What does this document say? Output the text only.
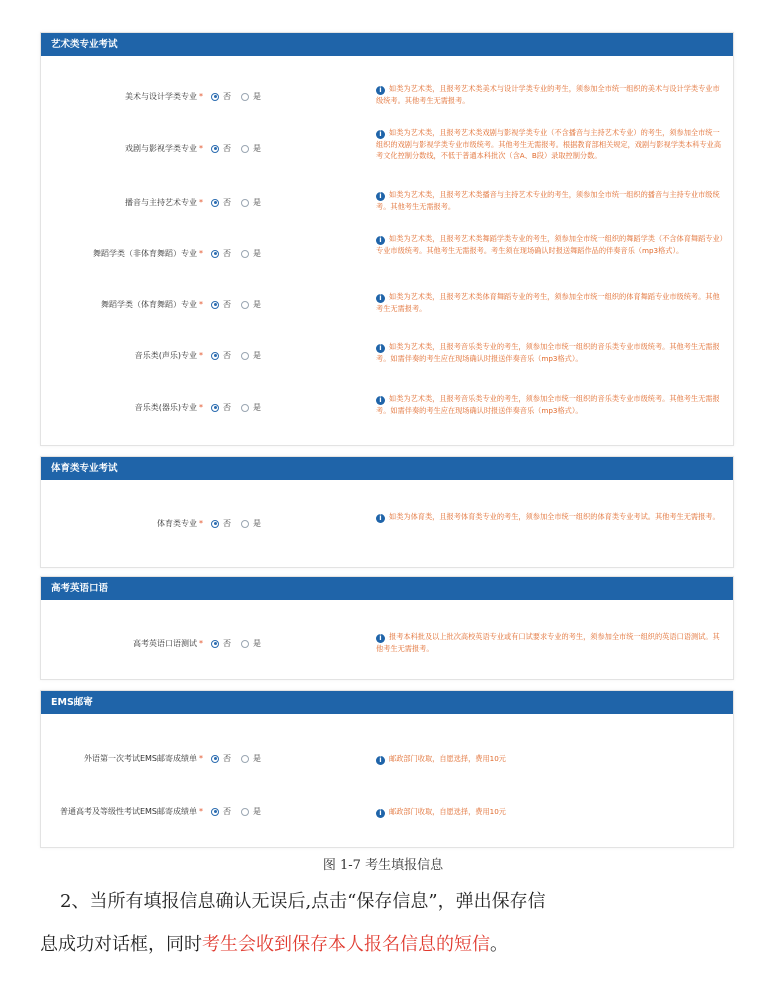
艺术类专业考试
美术与设计学类专业 *	否	是
i 如类为艺术类，且报考艺术类美术与设计学类专业的考生，须参加全市统一组织的美术与设计学类专业市级统考。其他考生无需报考。
戏剧与影视学类专业 *	否	是
i 如类为艺术类，且报考艺术类戏剧与影视学类专业（不含播音与主持艺术专业）的考生，须参加全市统一组织的戏剧与影视学类专业市级统考。其他考生无需报考。根据教育部相关规定，戏剧与影视学类本科专业高考文化控制分数线，不低于普通本科批次（含A、B段）录取控制分数。
播音与主持艺术专业 *	否	是
i 如类为艺术类，且报考艺术类播音与主持艺术专业的考生，须参加全市统一组织的播音与主持专业市级统考。其他考生无需报考。
舞蹈学类（非体育舞蹈）专业 *	否	是
i 如类为艺术类，且报考艺术类舞蹈学类专业的考生，须参加全市统一组织的舞蹈学类（不含体育舞蹈专业）专业市级统考。其他考生无需报考。考生须在现场确认时报送舞蹈作品的伴奏音乐（mp3格式）。
舞蹈学类（体育舞蹈）专业 *	否	是
i 如类为艺术类，且报考艺术类体育舞蹈专业的考生，须参加全市统一组织的体育舞蹈专业市级统考。其他考生无需报考。
音乐类(声乐)专业 *	否	是
i 如类为艺术类，且报考音乐类专业的考生，须参加全市统一组织的音乐类专业市级统考。其他考生无需报考。如需伴奏的考生应在现场确认时报送伴奏音乐（mp3格式）。
音乐类(器乐)专业 *	否	是
i 如类为艺术类，且报考音乐类专业的考生，须参加全市统一组织的音乐类专业市级统考。其他考生无需报考。如需伴奏的考生应在现场确认时报送伴奏音乐（mp3格式）。
体育类专业考试
体育类专业 *	否	是
i 如类为体育类，且报考体育类专业的考生，须参加全市统一组织的体育类专业考试。其他考生无需报考。
高考英语口语
高考英语口语测试 *	否	是
i 报考本科批及以上批次高校英语专业或有口试要求专业的考生，须参加全市统一组织的英语口语测试。其他考生无需报考。
EMS邮寄
外语第一次考试EMS邮寄成绩单 *	否	是	i 邮政部门收取，自愿选择，费用10元
普通高考及等级性考试EMS邮寄成绩单 *	否	是	i 邮政部门收取，自愿选择，费用10元
图 1-7 考生填报信息
2、当所有填报信息确认无误后,点击“保存信息”，弹出保存信
息成功对话框，同时考生会收到保存本人报名信息的短信。
